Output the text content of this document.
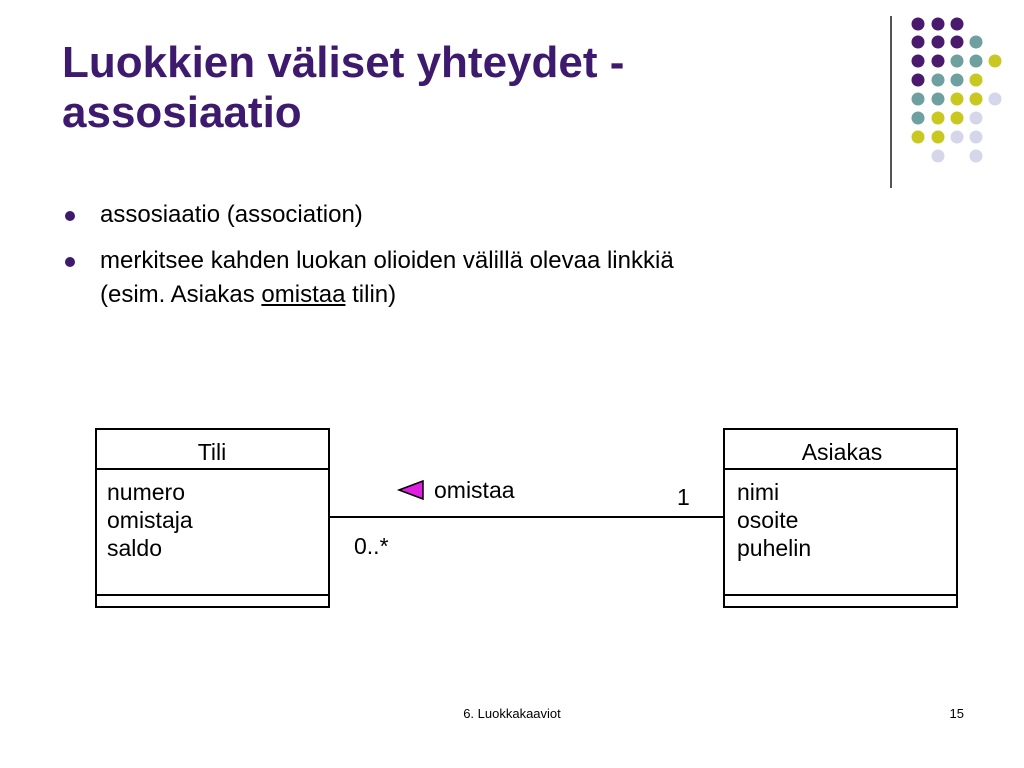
Luokkien väliset yhteydet - assosiaatio
assosiaatio (association)
merkitsee kahden luokan olioiden välillä olevaa linkkiä
(esim. Asiakas omistaa tilin)
Tili
numero
omistaja
saldo
Asiakas
nimi
osoite
puhelin
omistaa
0..*
1
6. Luokkakaaviot	15
